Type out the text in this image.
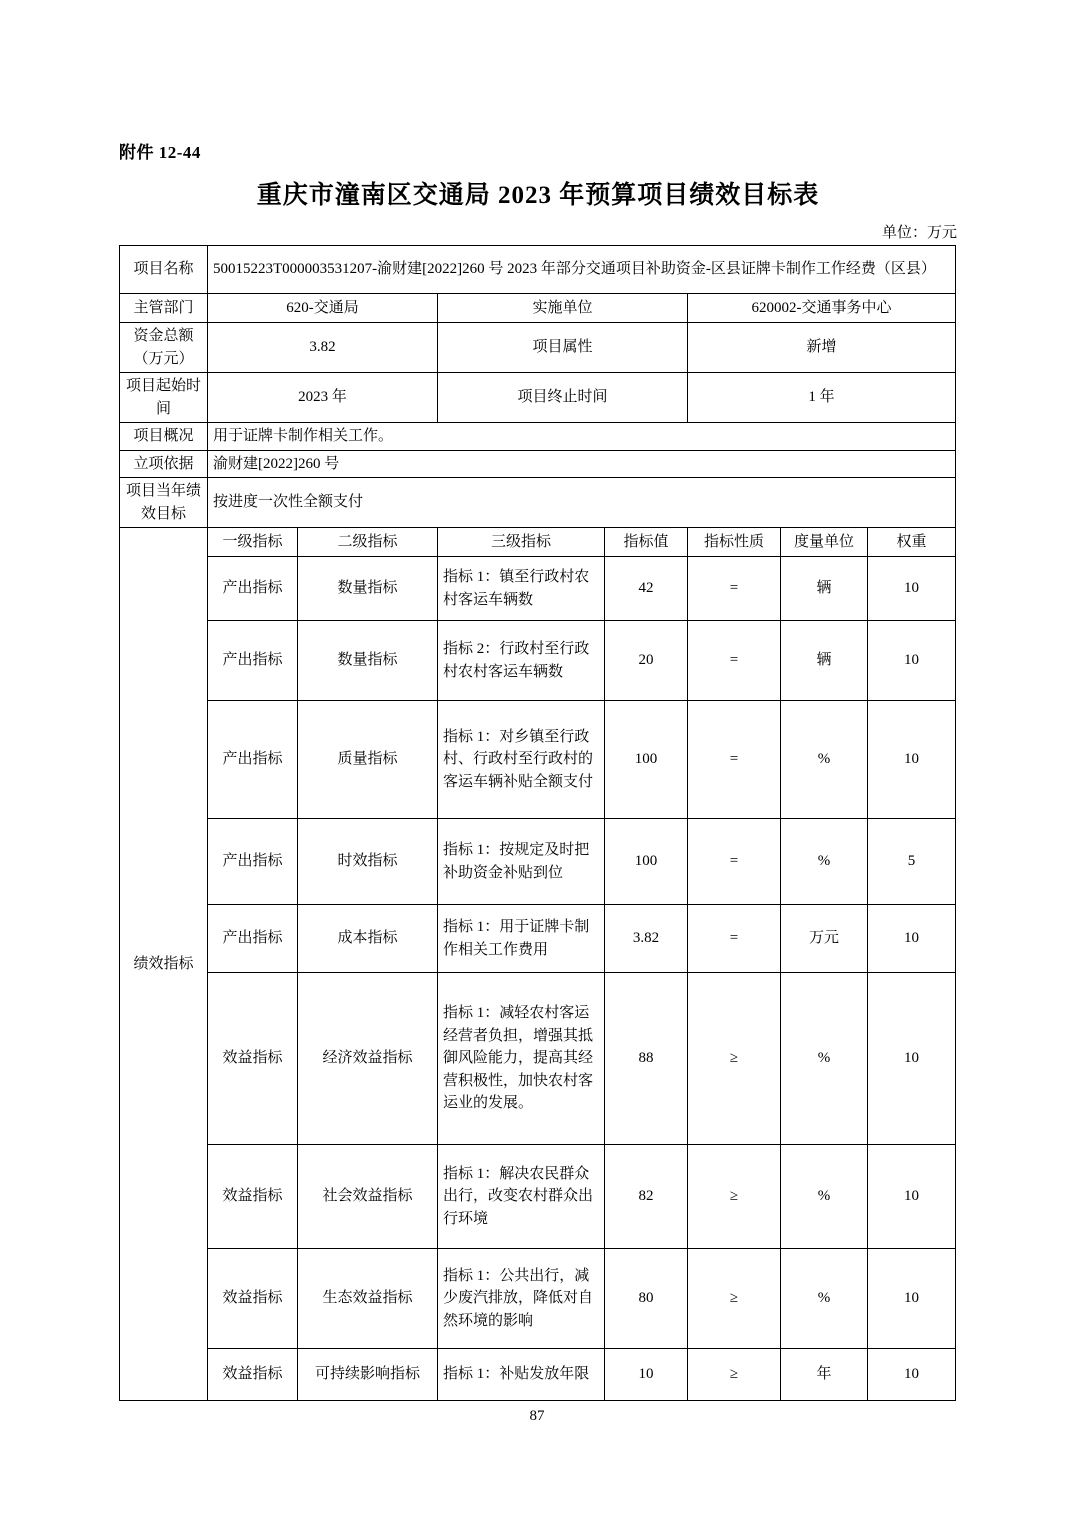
附件 12-44
重庆市潼南区交通局 2023 年预算项目绩效目标表
单位：万元
项目名称	50015223T000003531207-渝财建[2022]260 号 2023 年部分交通项目补助资金-区县证牌卡制作工作经费（区县）						
主管部门	620-交通局		实施单位		620002-交通事务中心		
资金总额（万元）	3.82		项目属性		新增		
项目起始时间	2023 年		项目终止时间		1 年		
项目概况	用于证牌卡制作相关工作。						
立项依据	渝财建[2022]260 号						
项目当年绩效目标	按进度一次性全额支付						
绩效指标	一级指标	二级指标	三级指标	指标值	指标性质	度量单位	权重
	产出指标	数量指标	指标 1：镇至行政村农村客运车辆数	42	=	辆	10
	产出指标	数量指标	指标 2：行政村至行政村农村客运车辆数	20	=	辆	10
	产出指标	质量指标	指标 1：对乡镇至行政村、行政村至行政村的客运车辆补贴全额支付	100	=	%	10
	产出指标	时效指标	指标 1：按规定及时把补助资金补贴到位	100	=	%	5
	产出指标	成本指标	指标 1：用于证牌卡制作相关工作费用	3.82	=	万元	10
	效益指标	经济效益指标	指标 1：减轻农村客运经营者负担，增强其抵御风险能力，提高其经营积极性，加快农村客运业的发展。	88	≥	%	10
	效益指标	社会效益指标	指标 1：解决农民群众出行，改变农村群众出行环境	82	≥	%	10
	效益指标	生态效益指标	指标 1：公共出行，减少废汽排放，降低对自然环境的影响	80	≥	%	10
	效益指标	可持续影响指标	指标 1：补贴发放年限	10	≥	年	10
87
